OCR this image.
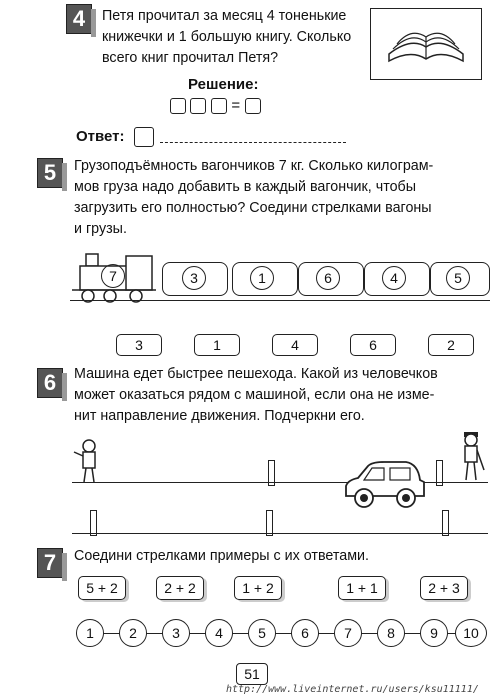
4	Петя прочитал за месяц 4 тоненькие
книжечки и 1 большую книгу. Сколько
всего книг прочитал Петя?
Решение:
=
Ответ:
5	Грузоподъёмность вагончиков 7 кг. Сколько килограм-
мов груза надо добавить в каждый вагончик, чтобы
загрузить его полностью? Соедини стрелками вагоны
и грузы.
7	3	1	6	4	5
3	1	4	6	2
6	Машина едет быстрее пешехода. Какой из человечков
может оказаться рядом с машиной, если она не изме-
нит направление движения. Подчеркни его.
7	Соедини стрелками примеры с их ответами.
5 + 2	2 + 2	1 + 2	1 + 1	2 + 3
1	2	3	4	5	6	7	8	9	10
51
http://www.liveinternet.ru/users/ksu11111/
